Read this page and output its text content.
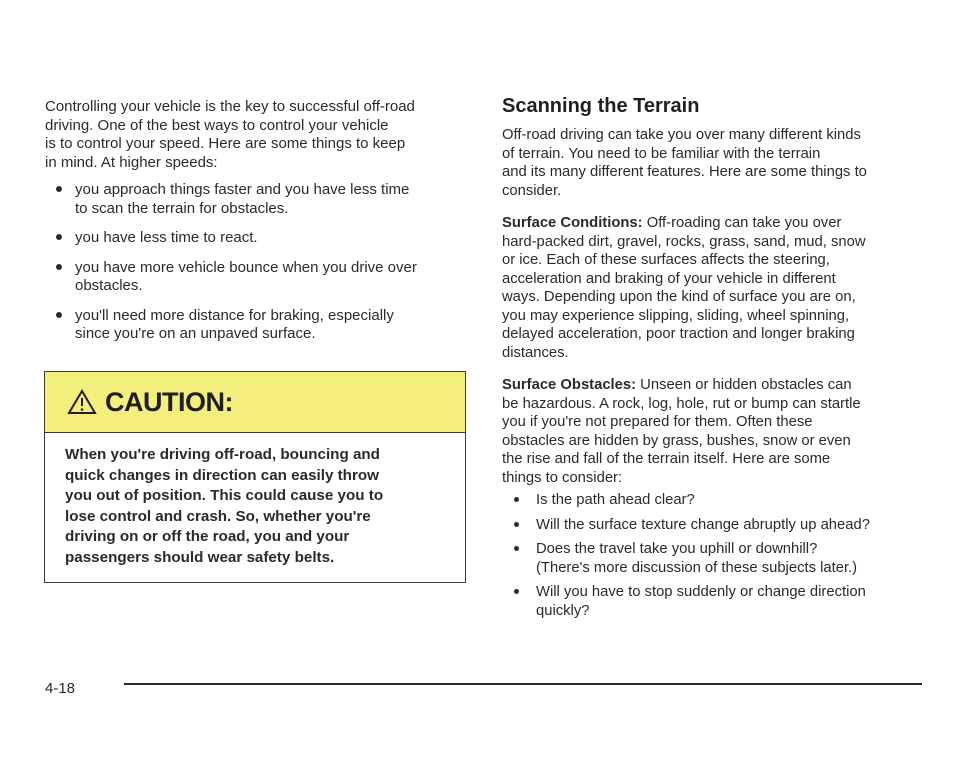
Controlling your vehicle is the key to successful off-road
driving. One of the best ways to control your vehicle
is to control your speed. Here are some things to keep
in mind. At higher speeds:

you approach things faster and you have less time
to scan the terrain for obstacles.
you have less time to react.
you have more vehicle bounce when you drive over
obstacles.
you'll need more distance for braking, especially
since you're on an unpaved surface.
CAUTION:
When you're driving off-road, bouncing and
quick changes in direction can easily throw
you out of position. This could cause you to
lose control and crash. So, whether you're
driving on or off the road, you and your
passengers should wear safety belts.
Scanning the Terrain

Off-road driving can take you over many different kinds
of terrain. You need to be familiar with the terrain
and its many different features. Here are some things to
consider.

Surface Conditions: Off-roading can take you over
hard-packed dirt, gravel, rocks, grass, sand, mud, snow
or ice. Each of these surfaces affects the steering,
acceleration and braking of your vehicle in different
ways. Depending upon the kind of surface you are on,
you may experience slipping, sliding, wheel spinning,
delayed acceleration, poor traction and longer braking
distances.

Surface Obstacles: Unseen or hidden obstacles can
be hazardous. A rock, log, hole, rut or bump can startle
you if you're not prepared for them. Often these
obstacles are hidden by grass, bushes, snow or even
the rise and fall of the terrain itself. Here are some
things to consider:

Is the path ahead clear?
Will the surface texture change abruptly up ahead?
Does the travel take you uphill or downhill?
(There's more discussion of these subjects later.)
Will you have to stop suddenly or change direction
quickly?
4-18
